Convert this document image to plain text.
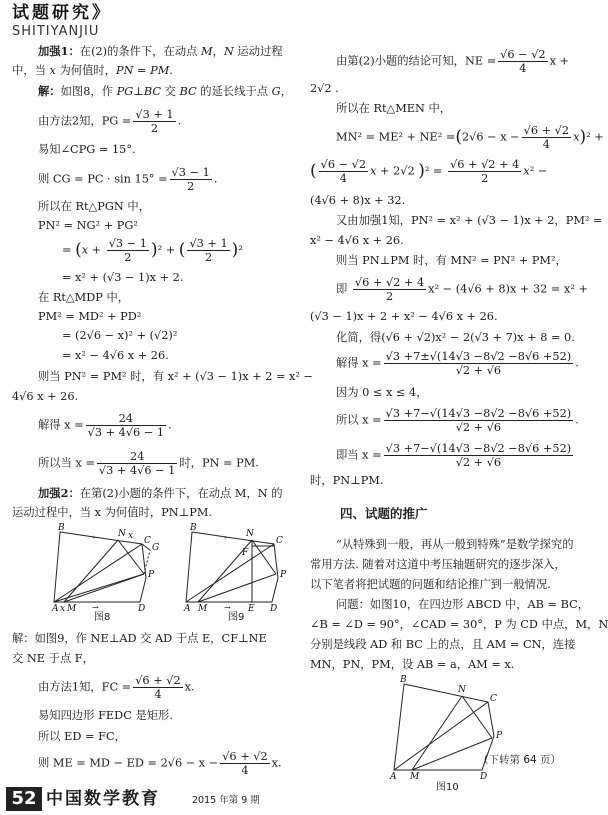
试题研究》
SHITIYANJIU
加强1：在(2)的条件下，在动点 M，N 运动过程
中，当 x 为何值时，PN = PM.
解：如图8，作 PG⊥BC 交 BC 的延长线于点 G，
由方法2知，PG = $\frac{√3 + 1}{2}$ .
易知∠CPG = 15°.
则 CG = PC · $\sin 15^\circ = \frac{√3 - 1}{2}$ .
所以在 Rt△PGN 中，
PN² = NG² + PG²
= $(x + \frac{√3 - 1}{2} )^2$ + ( $\frac{√3 + 1}{2} )^2$
= x² + (√3 − 1)x + 2.
在 Rt△MDP 中，
PM² = MD² + PD²
= (2√6 − x)² + (√2)²
= x² − 4√6 x + 26.
则当 PN² = PM² 时，有 x² + (√3 − 1)x + 2 = x² −
4√6 x + 26.
解得 $x = \frac{24}{√3 + 4√6 - 1}$ .
所以当 $x = \frac{24}{√3 + 4√6 - 1}$ 时，PN = PM.
加强2：在第(2)小题的条件下，在动点 M，N 的
运动过程中，当 x 为何值时，PN⊥PM.
B
N x C
G
P
A x M	D
→
←
图8
B
N
C
F
P
A M	E D
→
←
图9
解：如图9，作 NE⊥AD 交 AD 于点 E，CF⊥NE
交 NE 于点 F，
由方法1知，FC = $\frac{√6 + √2}{4} x$.
易知四边形 FEDC 是矩形.
所以 ED = FC，
则 ME = MD − ED = $2√6 - x - \frac{√6 + √2}{4} x$.
由第(2)小题的结论可知，NE = $\frac{√6 - √2}{4}$ x +
2√2 .
所以在 Rt△MEN 中，
$MN^2 = ME^2 + NE^2 =(2√6 - x - \frac{√6 + √2}{4} x)^2$ +
( $\frac{√6 - √2}{4}$ x + 2√2 )$^2 = \frac{√6 + √2 + 4}{2} x^2$ −
(4√6 + 8)x + 32.
又由加强1知，PN² = x² + (√3 − 1)x + 2，PM² =
x² − 4√6 x + 26.
则当 PN⊥PM 时，有 MN² = PN² + PM²，
即 $\frac{√6 + √2 + 4}{2} x^2 - (4√6 + 8)x + 32 = x^2$ +
(√3 − 1)x + 2 + x² − 4√6 x + 26.
化简，得(√6 + √2)x² − 2(√3 + 7)x + 8 = 0.
解得 $x = \frac{√3 +7\pm√(14√3 -8√2 -8√6 +52)}{√2 + √6}$ .
因为 0 ≤ x ≤ 4，
所以 $x = \frac{√3 +7-√(14√3 -8√2 -8√6 +52)}{√2 + √6}$ .
即当 $x = \frac{√3 +7-√(14√3 -8√2 -8√6 +52)}{√2 + √6}$
时，PN⊥PM.
四、试题的推广
“从特殊到一般，再从一般到特殊”是数学探究的
常用方法. 随着对这道中考压轴题研究的逐步深入，
以下笔者将把试题的问题和结论推广到一般情况.
问题：如图10，在四边形 ABCD 中，AB = BC，
∠B = ∠D = 90°，∠CAD = 30°，P 为 CD 中点，M，N
分别是线段 AD 和 BC 上的点，且 AM = CN，连接
MN，PN，PM，设 AB = a，AM = x.
B
N
C
P
A M	D
图10
（下转第 64 页）
52 中国数学教育	2015 年第 9 期
